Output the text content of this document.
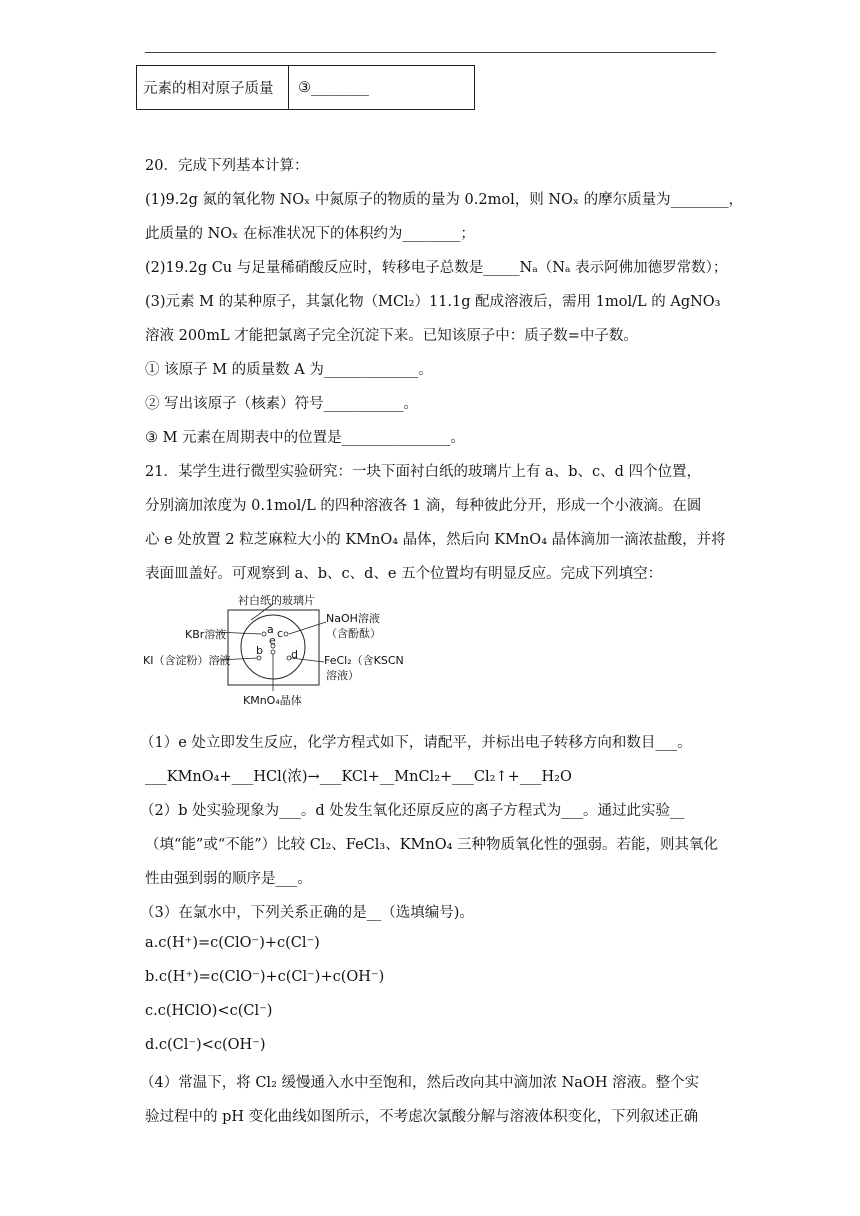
元素的相对原子质量	③________
20．完成下列基本计算：
(1)9.2g 氮的氧化物 NOₓ 中氮原子的物质的量为 0.2mol，则 NOₓ 的摩尔质量为________，
此质量的 NOₓ 在标准状况下的体积约为________；
(2)19.2g Cu 与足量稀硝酸反应时，转移电子总数是_____Nₐ（Nₐ 表示阿佛加德罗常数）；
(3)元素 M 的某种原子，其氯化物（MCl₂）11.1g 配成溶液后，需用 1mol/L 的 AgNO₃
溶液 200mL 才能把氯离子完全沉淀下来。已知该原子中：质子数=中子数。
① 该原子 M 的质量数 A 为_____________。
② 写出该原子（核素）符号___________。
③ M 元素在周期表中的位置是_______________。
21．某学生进行微型实验研究：一块下面衬白纸的玻璃片上有 a、b、c、d 四个位置，
分别滴加浓度为 0.1mol/L 的四种溶液各 1 滴，每种彼此分开，形成一个小液滴。在圆
心 e 处放置 2 粒芝麻粒大小的 KMnO₄ 晶体，然后向 KMnO₄ 晶体滴加一滴浓盐酸，并将
表面皿盖好。可观察到 a、b、c、d、e 五个位置均有明显反应。完成下列填空：
衬白纸的玻璃片
a c
e
b	d
KBr溶液
KI（含淀粉）溶液
NaOH溶液
（含酚酞）
FeCl₂（含KSCN
溶液）
KMnO₄晶体
（1）e 处立即发生反应，化学方程式如下，请配平，并标出电子转移方向和数目___。
___KMnO₄+___HCl(浓)→___KCl+__MnCl₂+___Cl₂↑+___H₂O
（2）b 处实验现象为___。d 处发生氧化还原反应的离子方程式为___。通过此实验__
（填“能”或“不能”）比较 Cl₂、FeCl₃、KMnO₄ 三种物质氧化性的强弱。若能，则其氧化
性由强到弱的顺序是___。
（3）在氯水中，下列关系正确的是__（选填编号)。
a.c(H⁺)=c(ClO⁻)+c(Cl⁻)
b.c(H⁺)=c(ClO⁻)+c(Cl⁻)+c(OH⁻)
c.c(HClO)<c(Cl⁻)
d.c(Cl⁻)<c(OH⁻)
（4）常温下，将 Cl₂ 缓慢通入水中至饱和，然后改向其中滴加浓 NaOH 溶液。整个实
验过程中的 pH 变化曲线如图所示，不考虑次氯酸分解与溶液体积变化，下列叙述正确
